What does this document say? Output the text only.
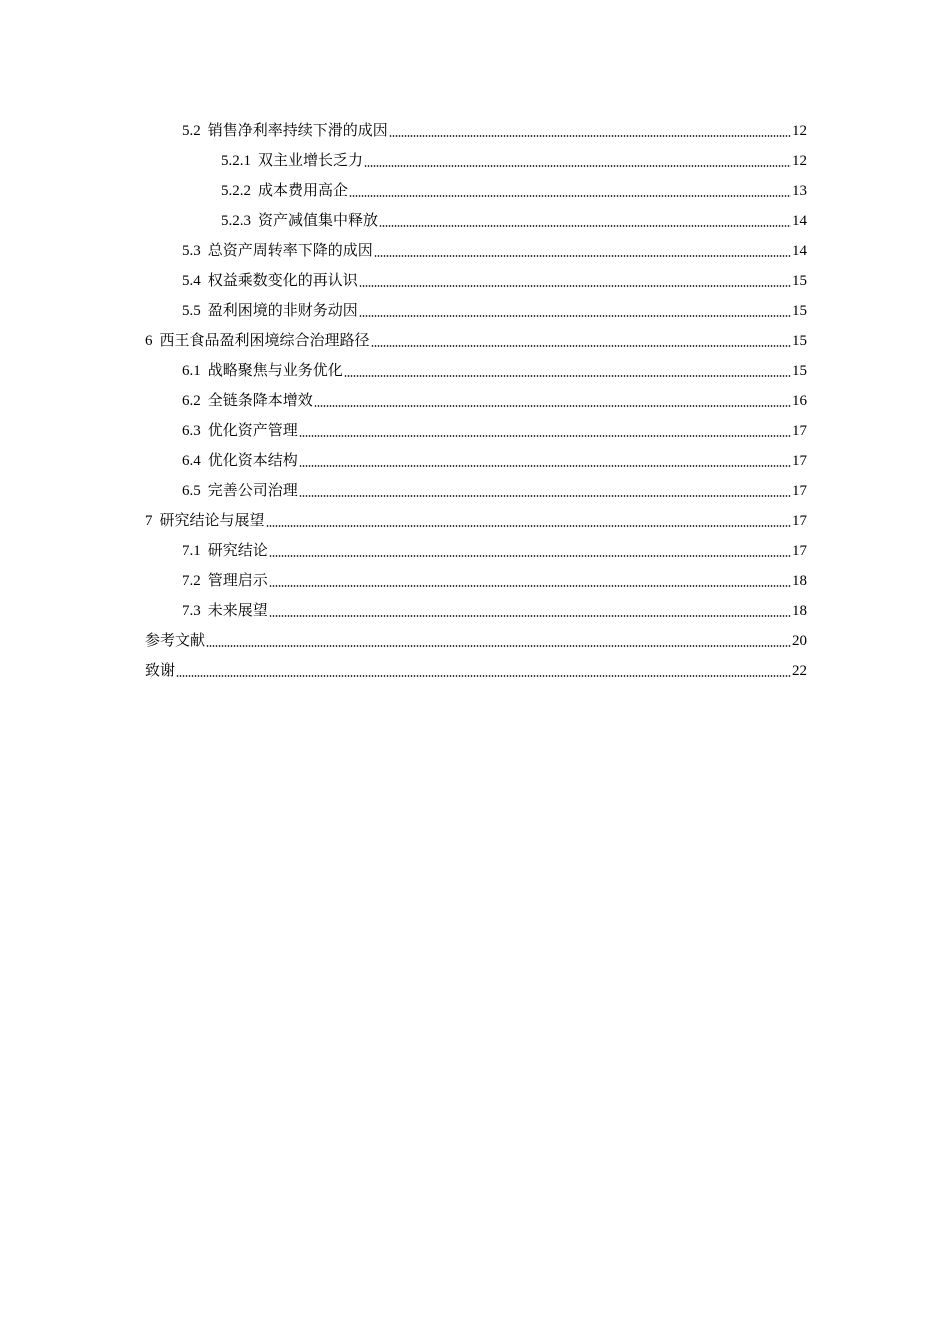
5.2 销售净利率持续下滑的成因	12
5.2.1 双主业增长乏力	12
5.2.2 成本费用高企	13
5.2.3 资产减值集中释放	14
5.3 总资产周转率下降的成因	14
5.4 权益乘数变化的再认识	15
5.5 盈利困境的非财务动因	15
6 西王食品盈利困境综合治理路径	15
6.1 战略聚焦与业务优化	15
6.2 全链条降本增效	16
6.3 优化资产管理	17
6.4 优化资本结构	17
6.5 完善公司治理	17
7 研究结论与展望	17
7.1 研究结论	17
7.2 管理启示	18
7.3 未来展望	18
参考文献	20
致谢	22
